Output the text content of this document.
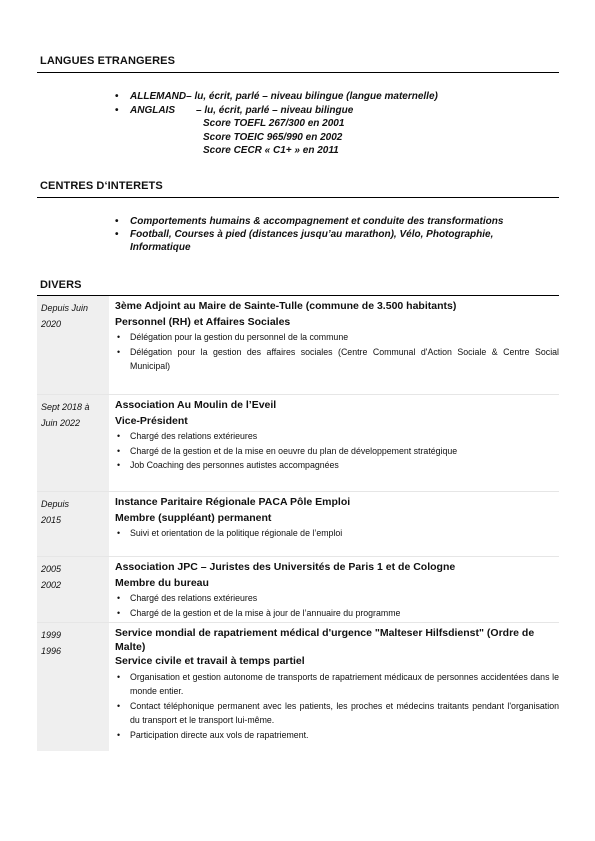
LANGUES ETRANGERES
• ALLEMAND– lu, écrit, parlé – niveau bilingue (langue maternelle)
• ANGLAIS – lu, écrit, parlé – niveau bilingue
Score TOEFL 267/300 en 2001
Score TOEIC 965/990 en 2002
Score CECR « C1+ » en 2011
CENTRES D‘INTERETS
• Comportements humains & accompagnement et conduite des transformations
• Football, Courses à pied (distances jusqu’au marathon), Vélo, Photographie, Informatique
DIVERS
Depuis Juin
2020
3ème Adjoint au Maire de Sainte-Tulle (commune de 3.500 habitants)
Personnel (RH) et Affaires Sociales
• Délégation pour la gestion du personnel de la commune
• Délégation pour la gestion des affaires sociales (Centre Communal d'Action Sociale & Centre Social Municipal)
Sept 2018 à
Juin 2022
Association Au Moulin de l’Eveil
Vice-Président
• Chargé des relations extérieures
• Chargé de la gestion et de la mise en oeuvre du plan de développement stratégique
• Job Coaching des personnes autistes accompagnées
Depuis
2015
Instance Paritaire Régionale PACA Pôle Emploi
Membre (suppléant) permanent
• Suivi et orientation de la politique régionale de l’emploi
2005
2002
Association JPC – Juristes des Universités de Paris 1 et de Cologne
Membre du bureau
• Chargé des relations extérieures
• Chargé de la gestion et de la mise à jour de l’annuaire du programme
1999
1996
Service mondial de rapatriement médical d'urgence "Malteser Hilfsdienst" (Ordre de Malte)
Service civile et travail à temps partiel
• Organisation et gestion autonome de transports de rapatriement médicaux de personnes accidentées dans le monde entier.
• Contact téléphonique permanent avec les patients, les proches et médecins traitants pendant l'organisation du transport et le transport lui-même.
• Participation directe aux vols de rapatriement.
